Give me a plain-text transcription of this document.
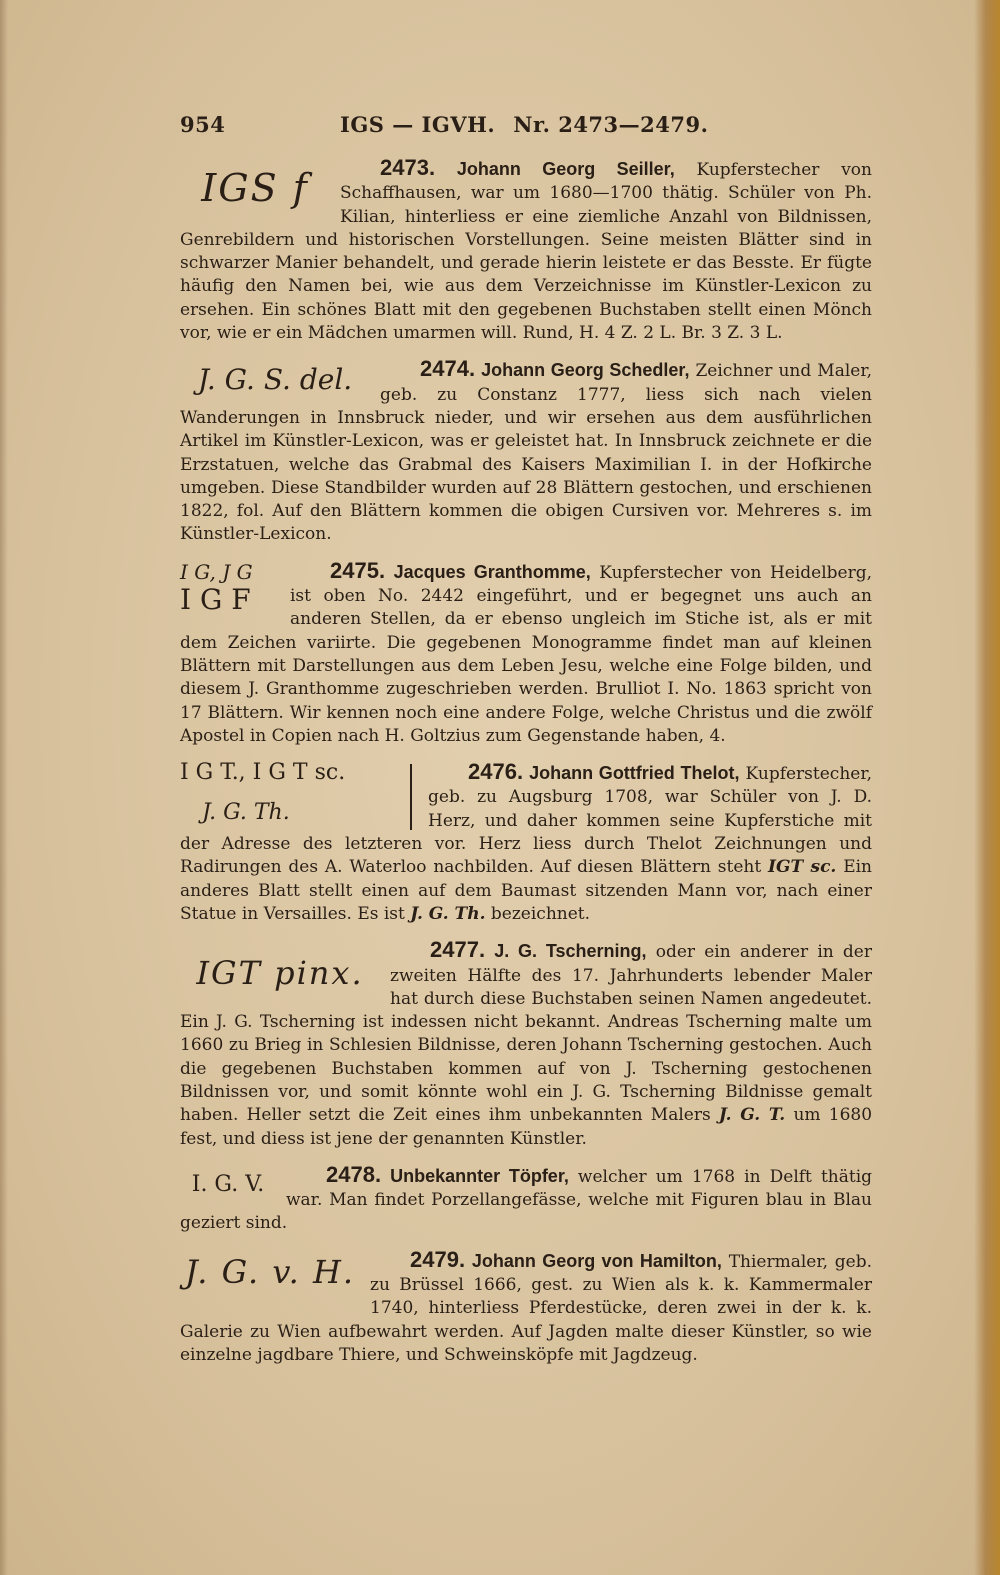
954	IGS — IGVH. Nr. 2473—2479.

2473. Johann Georg Seiller,
IGS f	Kupferstecher von Schaffhausen, war um 1680—1700 thätig. Schüler von Ph. Kilian, hinterliess er eine ziemliche Anzahl von Bildnissen, Genrebildern und historischen Vorstellungen. Seine meisten Blätter sind in schwarzer Manier behandelt, und gerade hierin leistete er das Besste. Er fügte häufig den Namen bei, wie aus dem Verzeichnisse im Künstler-Lexicon zu ersehen. Ein schönes Blatt mit den gegebenen Buchstaben stellt einen Mönch vor, wie er ein Mädchen umarmen will. Rund, H. 4 Z. 2 L. Br. 3 Z. 3 L.

2474. Johann Georg Schedler,
J. G. S. del.	Zeichner und Maler, geb. zu Constanz 1777, liess sich nach vielen Wanderungen in Innsbruck nieder, und wir ersehen aus dem ausführlichen Artikel im Künstler-Lexicon, was er geleistet hat. In Innsbruck zeichnete er die Erzstatuen, welche das Grabmal des Kaisers Maximilian I. in der Hofkirche umgeben. Diese Standbilder wurden auf 28 Blättern gestochen, und erschienen 1822, fol. Auf den Blättern kommen die obigen Cursiven vor. Mehreres s. im Künstler-Lexicon.

2475. Jacques Granthomme,
I G, J G
I G F
Kupferstecher von Heidelberg, ist oben No. 2442 eingeführt, und er begegnet uns auch an anderen Stellen, da er ebenso ungleich im Stiche ist, als er mit dem Zeichen variirte. Die gegebenen Monogramme findet man auf kleinen Blättern mit Darstellungen aus dem Leben Jesu, welche eine Folge bilden, und diesem J. Granthomme zugeschrieben werden. Brulliot I. No. 1863 spricht von 17 Blättern. Wir kennen noch eine andere Folge, welche Christus und die zwölf Apostel in Copien nach H. Goltzius zum Gegenstande haben, 4.

2476. Johann Gottfried Thelot,
I G T., I G T sc.
J. G. Th.
Kupferstecher, geb. zu Augsburg 1708, war Schüler von J. D. Herz, und daher kommen seine Kupferstiche mit der Adresse des letzteren vor. Herz liess durch Thelot Zeichnungen und Radirungen des A. Waterloo nachbilden. Auf diesen Blättern steht IGT sc. Ein anderes Blatt stellt einen auf dem Baumast sitzenden Mann vor, nach einer Statue in Versailles. Es ist J. G. Th. bezeichnet.

2477. J. G. Tscherning,
IGT pinx.
oder ein anderer in der zweiten Hälfte des 17. Jahrhunderts lebender Maler hat durch diese Buchstaben seinen Namen angedeutet. Ein J. G. Tscherning ist indessen nicht bekannt. Andreas Tscherning malte um 1660 zu Brieg in Schlesien Bildnisse, deren Johann Tscherning gestochen. Auch die gegebenen Buchstaben kommen auf von J. Tscherning gestochenen Bildnissen vor, und somit könnte wohl ein J. G. Tscherning Bildnisse gemalt haben. Heller setzt die Zeit eines ihm unbekannten Malers J. G. T. um 1680 fest, und diess ist jene der genannten Künstler.

2478. Unbekannter Töpfer,
I. G. V.	welcher um 1768 in Delft thätig war. Man findet Porzellangefässe, welche mit Figuren blau in Blau geziert sind.

2479. Johann Georg von Hamilton,
J. G. v. H.	Thiermaler, geb. zu Brüssel 1666, gest. zu Wien als k. k. Kammermaler 1740, hinterliess Pferdestücke, deren zwei in der k. k. Galerie zu Wien aufbewahrt werden. Auf Jagden malte dieser Künstler, so wie einzelne jagdbare Thiere, und Schweinsköpfe mit Jagdzeug.
